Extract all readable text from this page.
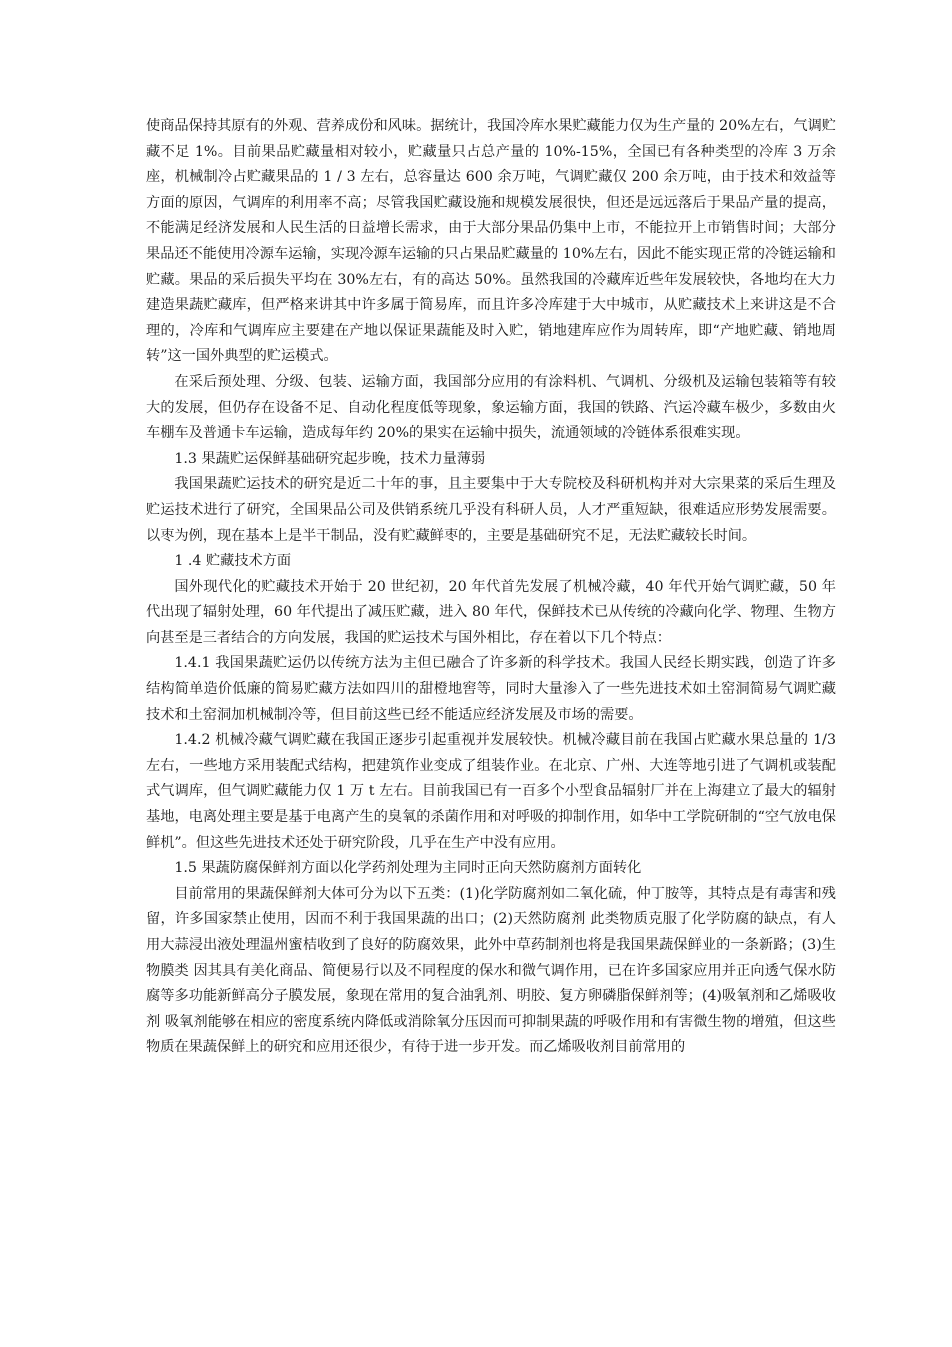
使商品保持其原有的外观、营养成份和风味。据统计，我国冷库水果贮藏能力仅为生产量的 20%左右，气调贮藏不足 1%。目前果品贮藏量相对较小，贮藏量只占总产量的 10%-15%，全国已有各种类型的冷库 3 万余座，机械制冷占贮藏果品的 1 / 3 左右，总容量达 600 余万吨，气调贮藏仅 200 余万吨，由于技术和效益等方面的原因，气调库的利用率不高；尽管我国贮藏设施和规模发展很快，但还是远远落后于果品产量的提高，不能满足经济发展和人民生活的日益增长需求，由于大部分果品仍集中上市，不能拉开上市销售时间；大部分果品还不能使用冷源车运输，实现冷源车运输的只占果品贮藏量的 10%左右，因此不能实现正常的冷链运输和贮藏。果品的采后损失平均在 30%左右，有的高达 50%。虽然我国的冷藏库近些年发展较快，各地均在大力建造果蔬贮藏库，但严格来讲其中许多属于简易库，而且许多冷库建于大中城市，从贮藏技术上来讲这是不合理的，冷库和气调库应主要建在产地以保证果蔬能及时入贮，销地建库应作为周转库，即“产地贮藏、销地周转”这一国外典型的贮运模式。

在采后预处理、分级、包装、运输方面，我国部分应用的有涂料机、气调机、分级机及运输包装箱等有较大的发展，但仍存在设备不足、自动化程度低等现象，象运输方面，我国的铁路、汽运冷藏车极少，多数由火车棚车及普通卡车运输，造成每年约 20%的果实在运输中损失，流通领域的冷链体系很难实现。

1.3 果蔬贮运保鲜基础研究起步晚，技术力量薄弱

我国果蔬贮运技术的研究是近二十年的事，且主要集中于大专院校及科研机构并对大宗果菜的采后生理及贮运技术进行了研究，全国果品公司及供销系统几乎没有科研人员，人才严重短缺，很难适应形势发展需要。以枣为例，现在基本上是半干制品，没有贮藏鲜枣的，主要是基础研究不足，无法贮藏较长时间。

1 .4 贮藏技术方面

国外现代化的贮藏技术开始于 20 世纪初，20 年代首先发展了机械冷藏，40 年代开始气调贮藏，50 年代出现了辐射处理，60 年代提出了减压贮藏，进入 80 年代，保鲜技术已从传统的冷藏向化学、物理、生物方向甚至是三者结合的方向发展，我国的贮运技术与国外相比，存在着以下几个特点：

1.4.1 我国果蔬贮运仍以传统方法为主但已融合了许多新的科学技术。我国人民经长期实践，创造了许多结构简单造价低廉的简易贮藏方法如四川的甜橙地窖等，同时大量渗入了一些先进技术如土窑洞简易气调贮藏技术和土窑洞加机械制冷等，但目前这些已经不能适应经济发展及市场的需要。

1.4.2 机械冷藏气调贮藏在我国正逐步引起重视并发展较快。机械冷藏目前在我国占贮藏水果总量的 1/3 左右，一些地方采用装配式结构，把建筑作业变成了组装作业。在北京、广州、大连等地引进了气调机或装配式气调库，但气调贮藏能力仅 1 万 t 左右。目前我国已有一百多个小型食品辐射厂并在上海建立了最大的辐射基地，电离处理主要是基于电离产生的臭氧的杀菌作用和对呼吸的抑制作用，如华中工学院研制的“空气放电保鲜机”。但这些先进技术还处于研究阶段，几乎在生产中没有应用。

1.5 果蔬防腐保鲜剂方面以化学药剂处理为主同时正向天然防腐剂方面转化

目前常用的果蔬保鲜剂大体可分为以下五类：(1)化学防腐剂如二氧化硫，仲丁胺等，其特点是有毒害和残留，许多国家禁止使用，因而不利于我国果蔬的出口；(2)天然防腐剂 此类物质克服了化学防腐的缺点，有人用大蒜浸出液处理温州蜜桔收到了良好的防腐效果，此外中草药制剂也将是我国果蔬保鲜业的一条新路；(3)生物膜类 因其具有美化商品、简便易行以及不同程度的保水和微气调作用，已在许多国家应用并正向透气保水防腐等多功能新鲜高分子膜发展，象现在常用的复合油乳剂、明胶、复方卵磷脂保鲜剂等；(4)吸氧剂和乙烯吸收剂 吸氧剂能够在相应的密度系统内降低或消除氧分压因而可抑制果蔬的呼吸作用和有害微生物的增殖，但这些物质在果蔬保鲜上的研究和应用还很少，有待于进一步开发。而乙烯吸收剂目前常用的
